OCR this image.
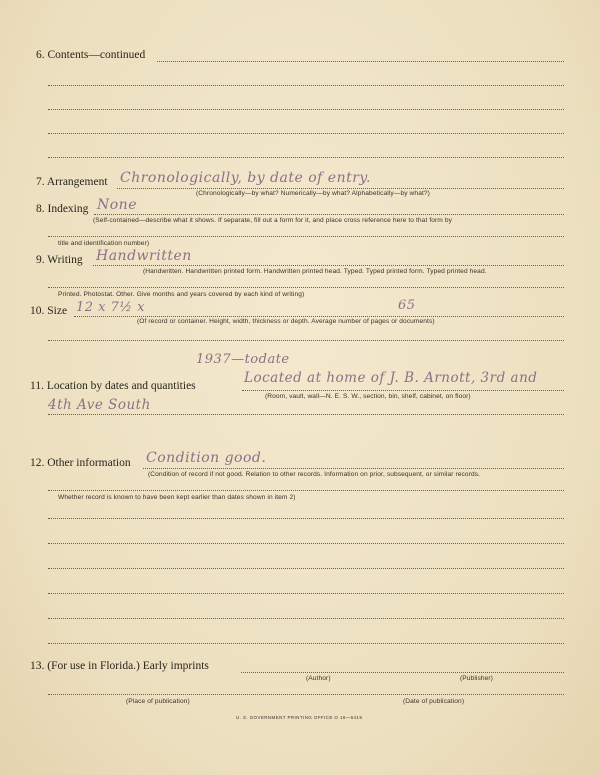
6. Contents—continued
7. Arrangement Chronologically, by date of entry.
(Chronologically—by what? Numerically—by what? Alphabetically—by what?)
8. Indexing None
(Self-contained—describe what it shows. If separate, fill out a form for it, and place cross reference here to that form by
title and identification number)
9. Writing Handwritten
(Handwritten. Handwritten printed form. Handwritten printed head. Typed. Typed printed form. Typed printed head.
Printed. Photostat. Other. Give months and years covered by each kind of writing)
10. Size 12 x 7½ x	65
(Of record or container. Height, width, thickness or depth. Average number of pages or documents)
1937—todate
11. Location by dates and quantities	Located at home of J. B. Arnott, 3rd and
(Room, vault, wall—N. E. S. W., section, bin, shelf, cabinet, on floor)
4th Ave South
12. Other information Condition good.
(Condition of record if not good. Relation to other records. Information on prior, subsequent, or similar records.
Whether record is known to have been kept earlier than dates shown in item 2)
13. (For use in Florida.) Early imprints
(Author)	(Publisher)
(Place of publication)	(Date of publication)
U. S. GOVERNMENT PRINTING OFFICE O 16—6419
